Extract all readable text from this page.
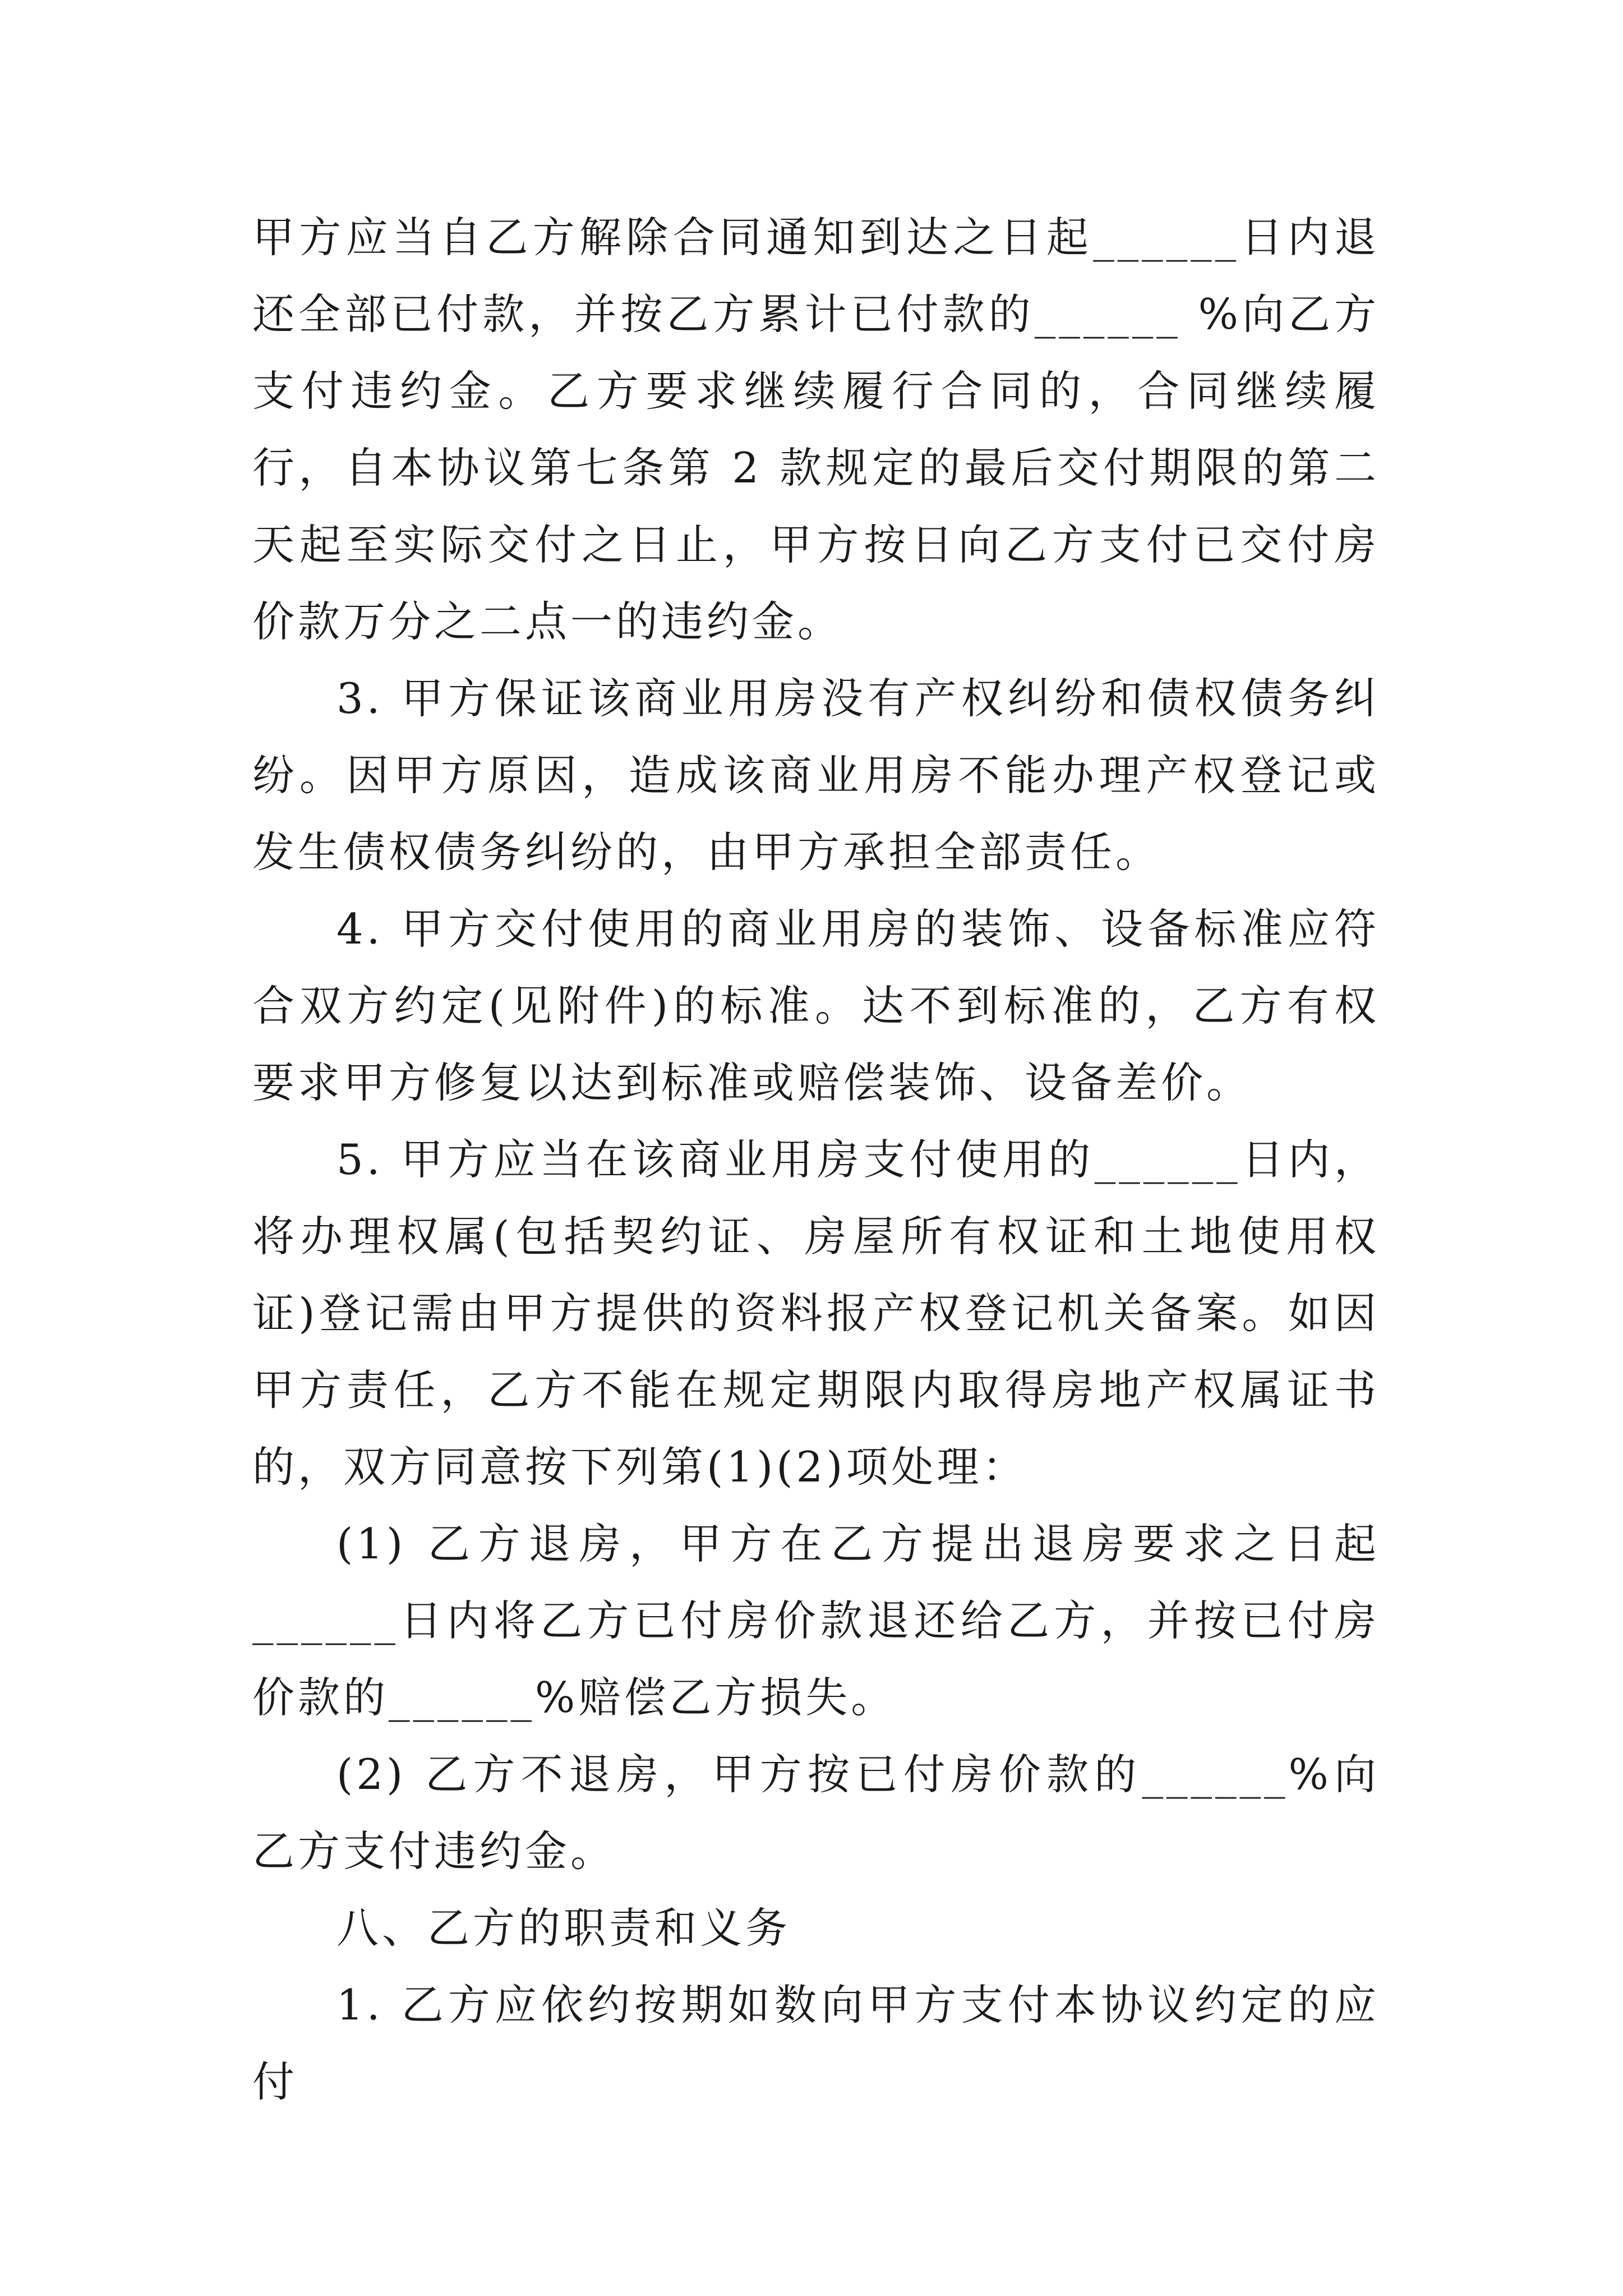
甲方应当自乙方解除合同通知到达之日起______日内退还全部已付款，并按乙方累计已付款的______ %向乙方支付违约金。乙方要求继续履行合同的，合同继续履行，自本协议第七条第 2 款规定的最后交付期限的第二天起至实际交付之日止，甲方按日向乙方支付已交付房价款万分之二点一的违约金。

3. 甲方保证该商业用房没有产权纠纷和债权债务纠纷。因甲方原因，造成该商业用房不能办理产权登记或发生债权债务纠纷的，由甲方承担全部责任。

4. 甲方交付使用的商业用房的装饰、设备标准应符合双方约定(见附件)的标准。达不到标准的，乙方有权要求甲方修复以达到标准或赔偿装饰、设备差价。

5. 甲方应当在该商业用房支付使用的______日内，将办理权属(包括契约证、房屋所有权证和土地使用权证)登记需由甲方提供的资料报产权登记机关备案。如因甲方责任，乙方不能在规定期限内取得房地产权属证书的，双方同意按下列第(1)(2)项处理：

(1) 乙方退房，甲方在乙方提出退房要求之日起______日内将乙方已付房价款退还给乙方，并按已付房价款的______%赔偿乙方损失。

(2) 乙方不退房，甲方按已付房价款的______%向乙方支付违约金。

八、乙方的职责和义务

1. 乙方应依约按期如数向甲方支付本协议约定的应付
